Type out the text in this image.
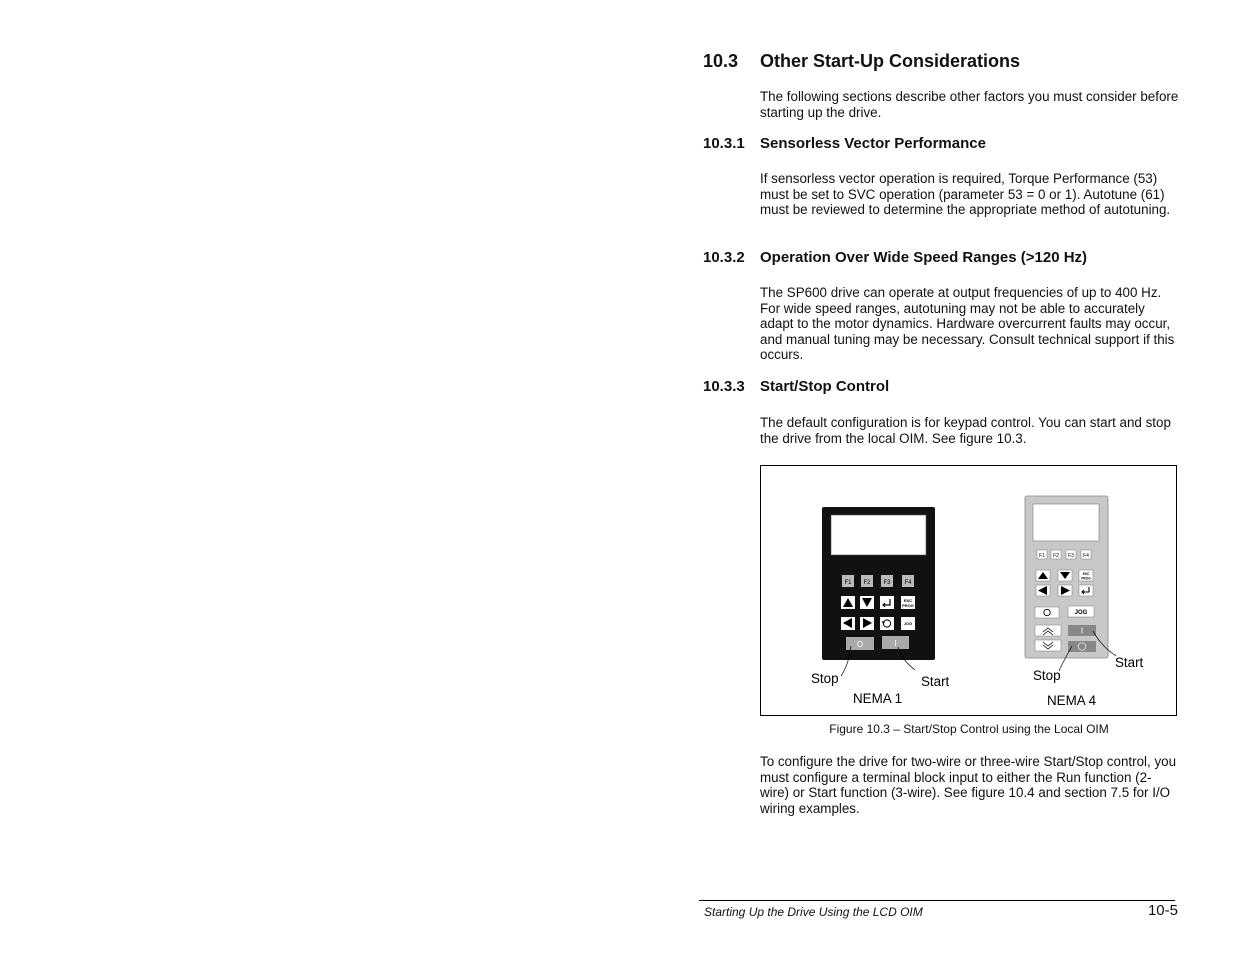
10.3 Other Start-Up Considerations
The following sections describe other factors you must consider before starting up the drive.
10.3.1 Sensorless Vector Performance
If sensorless vector operation is required, Torque Performance (53) must be set to SVC operation (parameter 53 = 0 or 1). Autotune (61) must be reviewed to determine the appropriate method of autotuning.
10.3.2 Operation Over Wide Speed Ranges (>120 Hz)
The SP600 drive can operate at output frequencies of up to 400 Hz. For wide speed ranges, autotuning may not be able to accurately adapt to the motor dynamics. Hardware overcurrent faults may occur, and manual tuning may be necessary. Consult technical support if this occurs.
10.3.3 Start/Stop Control
The default configuration is for keypad control. You can start and stop the drive from the local OIM. See figure 10.3.
F1 F2 F3 F4
ESC
PROG
JOG
O	I
Stop	Start
NEMA 1
F1 F2 F3 F4
ESC
PROG
JOG
I
Stop
Start
NEMA 4
Figure 10.3 – Start/Stop Control using the Local OIM
To configure the drive for two-wire or three-wire Start/Stop control, you must configure a terminal block input to either the Run function (2-wire) or Start function (3-wire). See figure 10.4 and section 7.5 for I/O wiring examples.
Starting Up the Drive Using the LCD OIM	10-5
